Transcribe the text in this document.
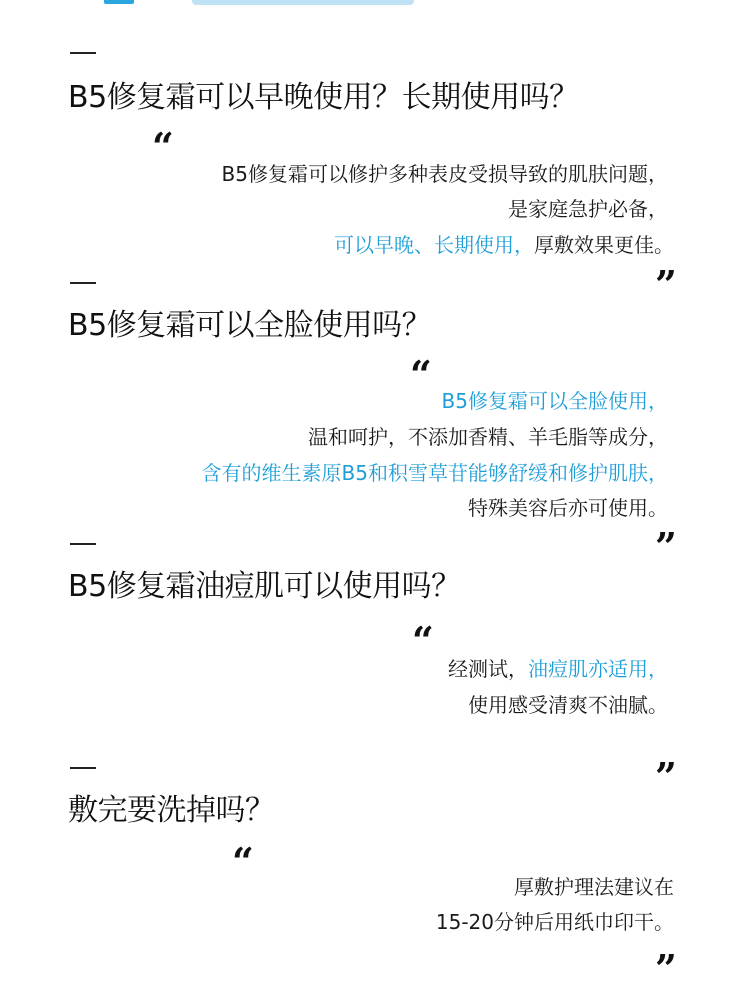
B5修复霜可以早晚使用？长期使用吗？
“
B5修复霜可以修护多种表皮受损导致的肌肤问题，
是家庭急护必备，
可以早晚、长期使用，厚敷效果更佳。
”
B5修复霜可以全脸使用吗？
“
B5修复霜可以全脸使用，
温和呵护，不添加香精、羊毛脂等成分，
含有的维生素原B5和积雪草苷能够舒缓和修护肌肤，
特殊美容后亦可使用。
”
B5修复霜油痘肌可以使用吗？
“
经测试，油痘肌亦适用，
使用感受清爽不油腻。
”
敷完要洗掉吗？
“
厚敷护理法建议在
15-20分钟后用纸巾印干。
”
